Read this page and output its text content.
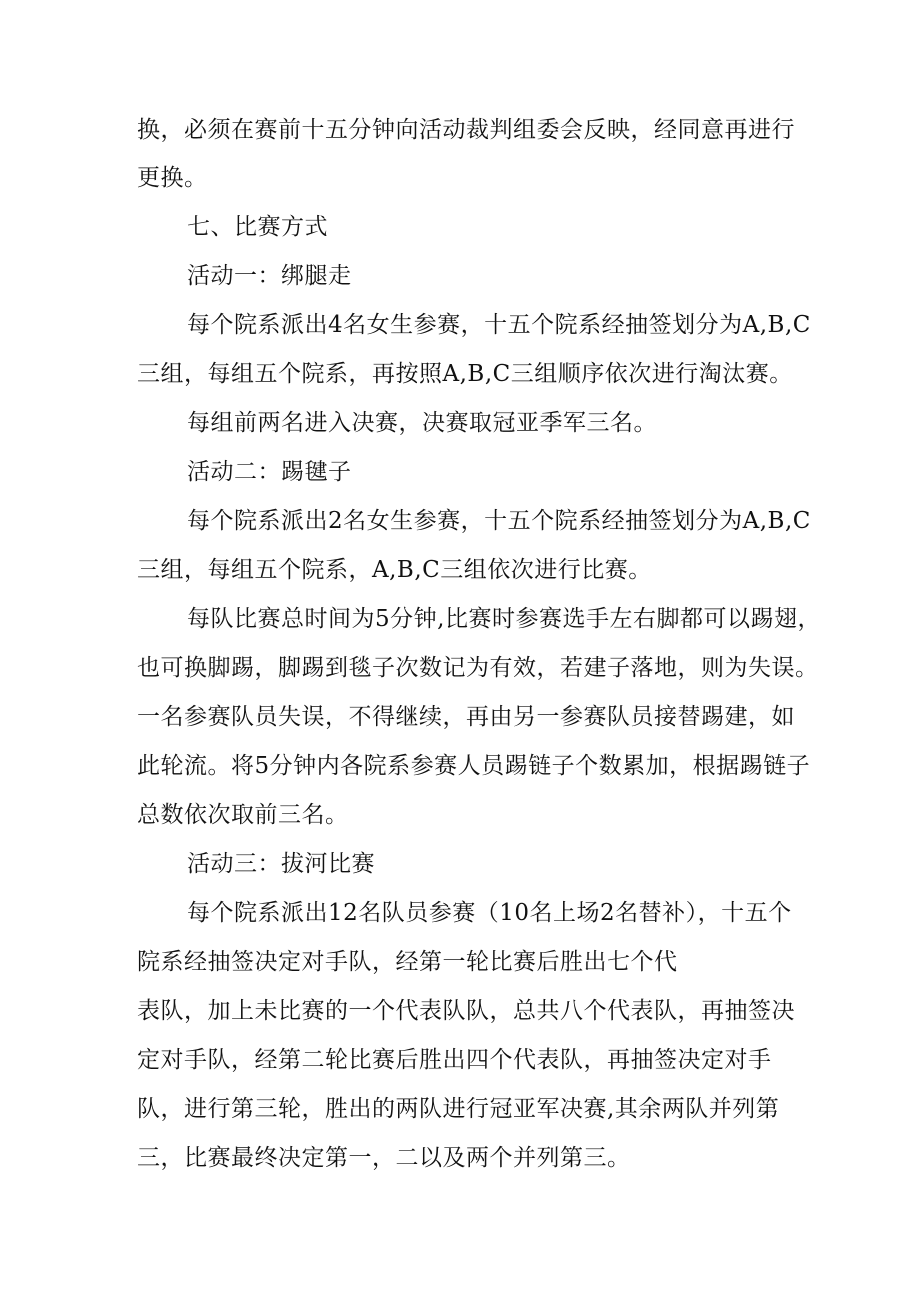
换，必须在赛前十五分钟向活动裁判组委会反映，经同意再进行

更换。

七、比赛方式

活动一：绑腿走

每个院系派出4名女生参赛，十五个院系经抽签划分为A,B,C

三组，每组五个院系，再按照A,B,C三组顺序依次进行淘汰赛。

每组前两名进入决赛，决赛取冠亚季军三名。

活动二：踢毽子

每个院系派出2名女生参赛，十五个院系经抽签划分为A,B,C

三组，每组五个院系，A,B,C三组依次进行比赛。

每队比赛总时间为5分钟,比赛时参赛选手左右脚都可以踢翅，

也可换脚踢，脚踢到毯子次数记为有效，若建子落地，则为失误。

一名参赛队员失误，不得继续，再由另一参赛队员接替踢建，如

此轮流。将5分钟内各院系参赛人员踢链子个数累加，根据踢链子

总数依次取前三名。

活动三：拔河比赛

每个院系派出12名队员参赛（10名上场2名替补），十五个

院系经抽签决定对手队，经第一轮比赛后胜出七个代

表队，加上未比赛的一个代表队队，总共八个代表队，再抽签决

定对手队，经第二轮比赛后胜出四个代表队，再抽签决定对手

队，进行第三轮，胜出的两队进行冠亚军决赛,其余两队并列第

三，比赛最终决定第一，二以及两个并列第三。
